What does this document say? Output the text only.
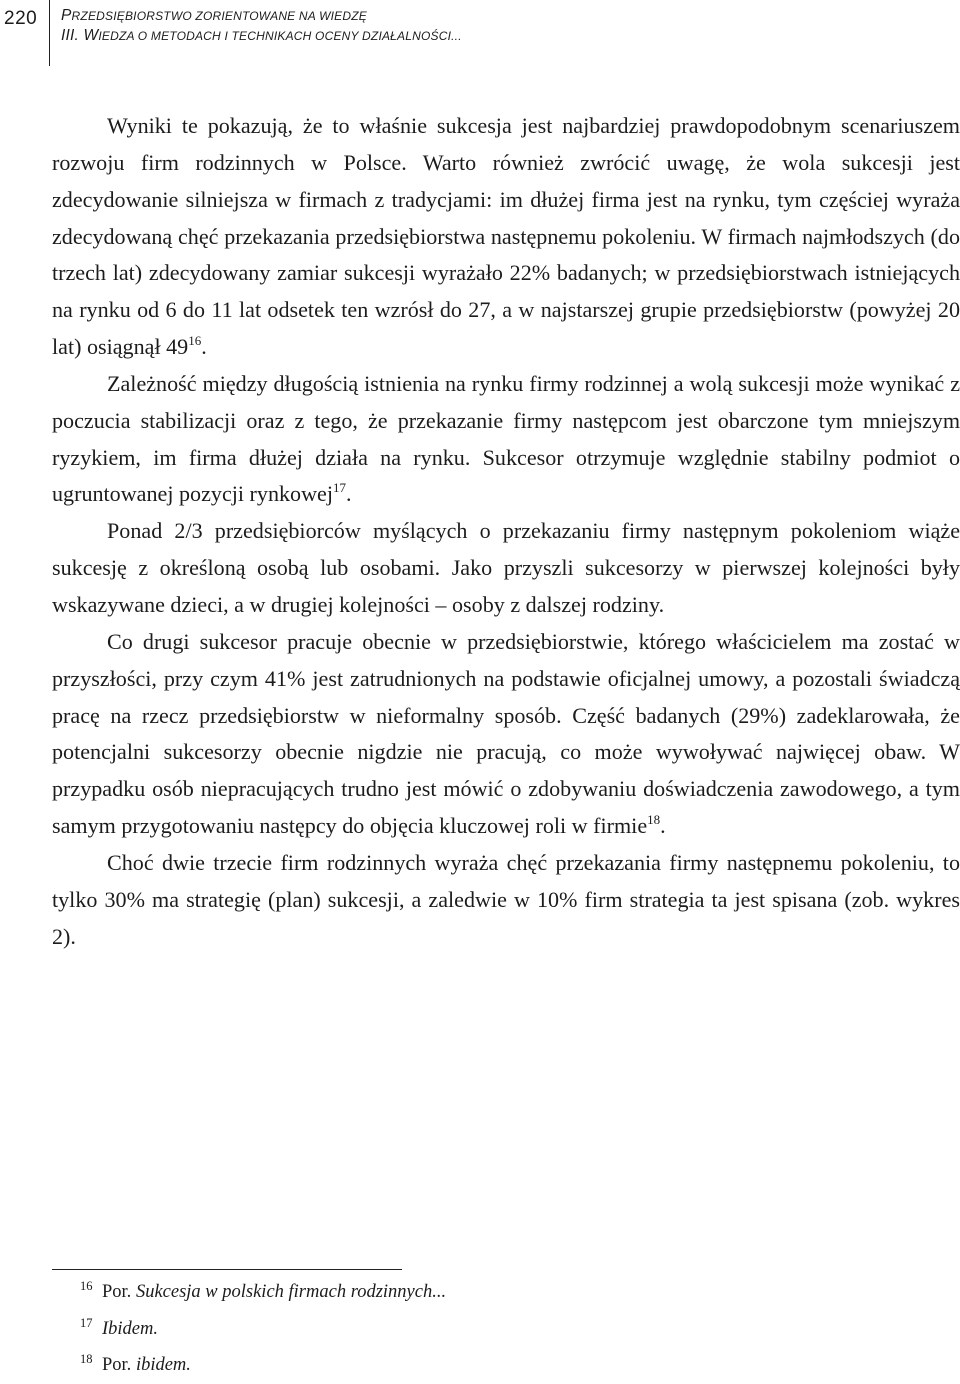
220 PRZEDSIĘBIORSTWO ZORIENTOWANE NA WIEDZĘ
III. WIEDZA O METODACH I TECHNIKACH OCENY DZIAŁALNOŚCI...

Wyniki te pokazują, że to właśnie sukcesja jest najbardziej prawdopodobnym scenariuszem rozwoju firm rodzinnych w Polsce. Warto również zwrócić uwagę, że wola sukcesji jest zdecydowanie silniejsza w firmach z tradycjami: im dłużej firma jest na rynku, tym częściej wyraża zdecydowaną chęć przekazania przedsiębiorstwa następnemu pokoleniu. W firmach najmłodszych (do trzech lat) zdecydowany zamiar sukcesji wyrażało 22% badanych; w przedsiębiorstwach istniejących na rynku od 6 do 11 lat odsetek ten wzrósł do 27, a w najstarszej grupie przedsiębiorstw (powyżej 20 lat) osiągnął $49^{16}$.

Zależność między długością istnienia na rynku firmy rodzinnej a wolą sukcesji może wynikać z poczucia stabilizacji oraz z tego, że przekazanie firmy następcom jest obarczone tym mniejszym ryzykiem, im firma dłużej działa na rynku. Sukcesor otrzymuje względnie stabilny podmiot o ugruntowanej pozycji rynkowej$^{17}$.

Ponad 2/3 przedsiębiorców myślących o przekazaniu firmy następnym pokoleniom wiąże sukcesję z określoną osobą lub osobami. Jako przyszli sukcesorzy w pierwszej kolejności były wskazywane dzieci, a w drugiej kolejności – osoby z dalszej rodziny.

Co drugi sukcesor pracuje obecnie w przedsiębiorstwie, którego właścicielem ma zostać w przyszłości, przy czym 41% jest zatrudnionych na podstawie oficjalnej umowy, a pozostali świadczą pracę na rzecz przedsiębiorstw w nieformalny sposób. Część badanych (29%) zadeklarowała, że potencjalni sukcesorzy obecnie nigdzie nie pracują, co może wywoływać najwięcej obaw. W przypadku osób niepracujących trudno jest mówić o zdobywaniu doświadczenia zawodowego, a tym samym przygotowaniu następcy do objęcia kluczowej roli w firmie$^{18}$.

Choć dwie trzecie firm rodzinnych wyraża chęć przekazania firmy następnemu pokoleniu, to tylko 30% ma strategię (plan) sukcesji, a zaledwie w 10% firm strategia ta jest spisana (zob. wykres 2).

16 Por. Sukcesja w polskich firmach rodzinnych...
17 Ibidem.
18 Por. ibidem.
